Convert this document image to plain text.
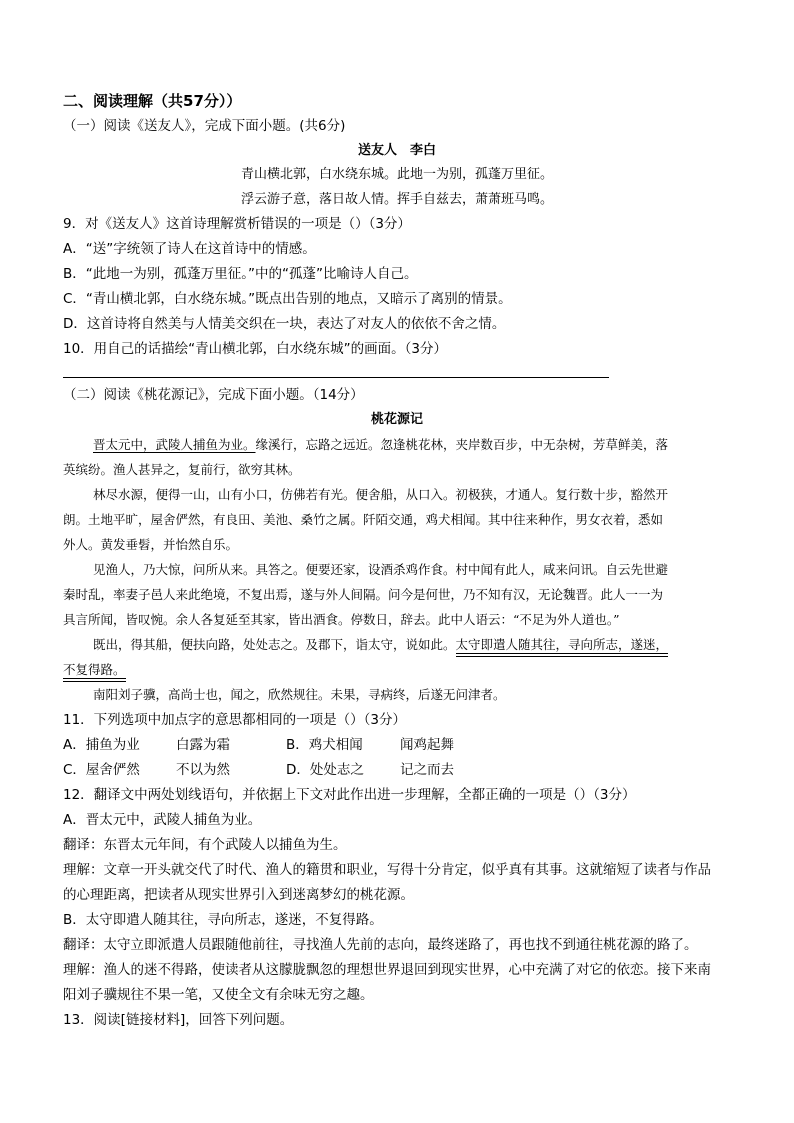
二、阅读理解（共57分））
（一）阅读《送友人》，完成下面小题。(共6分)
送友人　李白
青山横北郭，白水绕东城。此地一为别，孤蓬万里征。
浮云游子意，落日故人情。挥手自兹去，萧萧班马鸣。
9．对《送友人》这首诗理解赏析错误的一项是（）（3分）
A．“送”字统领了诗人在这首诗中的情感。
B．“此地一为别，孤蓬万里征。”中的“孤蓬”比喻诗人自己。
C．“青山横北郭，白水绕东城。”既点出告别的地点，又暗示了离别的情景。
D．这首诗将自然美与人情美交织在一块，表达了对友人的依依不舍之情。
10．用自己的话描绘“青山横北郭，白水绕东城”的画面。（3分）
（二）阅读《桃花源记》，完成下面小题。（14分）
桃花源记
晋太元中，武陵人捕鱼为业。缘溪行，忘路之远近。忽逢桃花林，夹岸数百步，中无杂树，芳草鲜美，落
英缤纷。渔人甚异之，复前行，欲穷其林。
林尽水源，便得一山，山有小口，仿佛若有光。便舍船，从口入。初极狭，才通人。复行数十步，豁然开
朗。土地平旷，屋舍俨然，有良田、美池、桑竹之属。阡陌交通，鸡犬相闻。其中往来种作，男女衣着，悉如
外人。黄发垂髫，并怡然自乐。
见渔人，乃大惊，问所从来。具答之。便要还家，设酒杀鸡作食。村中闻有此人，咸来问讯。自云先世避
秦时乱，率妻子邑人来此绝境，不复出焉，遂与外人间隔。问今是何世，乃不知有汉，无论魏晋。此人一一为
具言所闻，皆叹惋。余人各复延至其家，皆出酒食。停数日，辞去。此中人语云：“不足为外人道也。”
既出，得其船，便扶向路，处处志之。及郡下，诣太守，说如此。太守即遣人随其往，寻向所志，遂迷，
不复得路。
南阳刘子骥，高尚士也，闻之，欣然规往。未果，寻病终，后遂无问津者。
11．下列选项中加点字的意思都相同的一项是（）（3分）
A．捕鱼为业	白露为霜	B．鸡犬相闻	闻鸡起舞
C．屋舍俨然	不以为然	D．处处志之	记之而去
12．翻译文中两处划线语句，并依据上下文对此作出进一步理解，全都正确的一项是（）（3分）
A．晋太元中，武陵人捕鱼为业。
翻译：东晋太元年间，有个武陵人以捕鱼为生。
理解：文章一开头就交代了时代、渔人的籍贯和职业，写得十分肯定，似乎真有其事。这就缩短了读者与作品
的心理距离，把读者从现实世界引入到迷离梦幻的桃花源。
B．太守即遣人随其往，寻向所志，遂迷，不复得路。
翻译：太守立即派遣人员跟随他前往，寻找渔人先前的志向，最终迷路了，再也找不到通往桃花源的路了。
理解：渔人的迷不得路，使读者从这朦胧飘忽的理想世界退回到现实世界，心中充满了对它的依恋。接下来南
阳刘子骥规往不果一笔，又使全文有余味无穷之趣。
13．阅读[链接材料]，回答下列问题。
